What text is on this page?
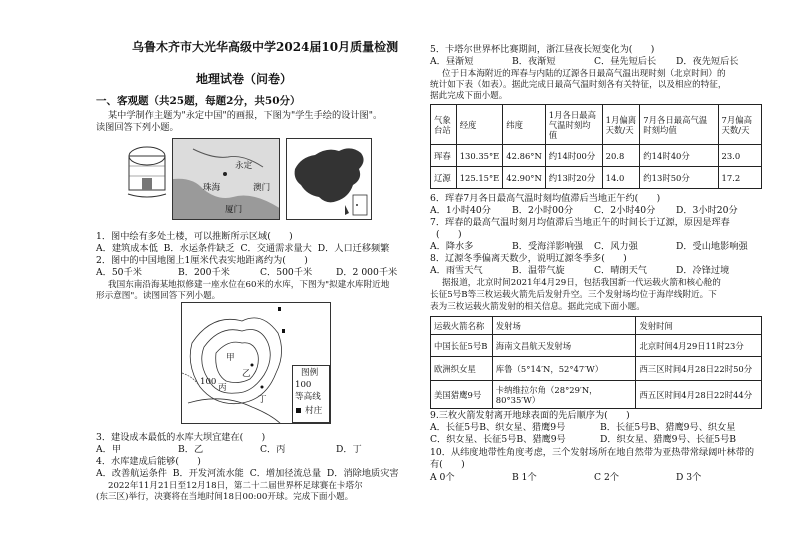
乌鲁木齐市大光华高级中学2024届10月质量检测
地理试卷（问卷）
一、客观题（共25题，每题2分，共50分）
某中学制作主题为"永定中国"的画报，下图为"学生手绘的设计图"。
读图回答下列小题。
永定
珠海	澳门
厦门
1．图中绘有多处土楼，可以推断所示区域(　　)
A．建筑成本低 B．水运条件缺乏 C．交通需求量大 D．人口迁移频繁
2．图中的中国地图上1厘米代表实地距离约为(　　)
A．50千米	B．200千米	C．500千米	D．2 000千米
我国东南沿海某地拟修建一座水位在60米的水库，下图为"拟建水库附近地
形示意图"。读图回答下列小题。
甲
乙
丙
丁
100
图例
100
等高线
村庄
3．建设成本最低的水库大坝宜建在(　　)
A．甲	B．乙	C．丙	D．丁
4．水库建成后能够(　　)
A．改善航运条件 B．开发河流水能 C．增加径流总量 D．消除地质灾害
2022年11月21日至12月18日，第二十二届世界杯足球赛在卡塔尔
(东三区)举行，决赛将在当地时间18日00:00开球。完成下面小题。
5．卡塔尔世界杯比赛期间，浙江昼夜长短变化为(　　)
A．昼渐短	B．夜渐短	C．昼先短后长 D．夜先短后长
位于日本海附近的珲春与内陆的辽源各日最高气温出现时刻（北京时间）的
统计如下表（如表）。据此完成日最高气温时刻各有关特征，以及相应的特征，
据此完成下面小题。
气象台站	经度	纬度	1月各日最高气温时刻均值	1月偏离天数/天	7月各日最高气温时刻均值	7月偏高天数/天
珲春	130.35°E	42.86°N	约14时00分	20.8	约14时40分	23.0
辽源	125.15°E	42.90°N	约13时20分	14.0	约13时50分	17.2
6．珲春7月各日最高气温时刻均值滞后当地正午约(　　)
A．1小时40分 B．2小时00分 C．2小时40分 D．3小时20分
7．珲春的最高气温时刻月均值滞后当地正午的时间长于辽源，原因是珲春
(　　)
A．降水多	B．受海洋影响强 C．风力强	D．受山地影响强
8．辽源冬季偏离天数少，说明辽源冬季多(　　)
A．雨雪天气	B．温带气旋	C．晴朗天气	D．冷锋过境
据报道，北京时间2021年4月29日，包括我国新一代运载火箭和核心舱的
长征5号B等三枚运载火箭先后发射升空。三个发射场均位于海岸线附近。下
表为三枚运载火箭发射的相关信息。据此完成下面小题。
运载火箭名称	发射场	发射时间
中国长征5号B	海南文昌航天发射场	北京时间4月29日11时23分
欧洲织女星	库鲁（5°14′N，52°47′W）	西三区时间4月28日22时50分
美国猎鹰9号	卡纳维拉尔角（28°29′N，80°35′W）	西五区时间4月28日22时44分
9.三枚火箭发射离开地球表面的先后顺序为(　　)
A．长征5号B、织女星、猎鹰9号	B．长征5号B、猎鹰9号、织女星
C．织女星、长征5号B、猎鹰9号	D．织女星、猎鹰9号、长征5号B
10．从纬度地带性角度考虑，三个发射场所在地自然带为亚热带常绿阔叶林带的
有(　　)
A 0个	B 1个	C 2个	D 3个
